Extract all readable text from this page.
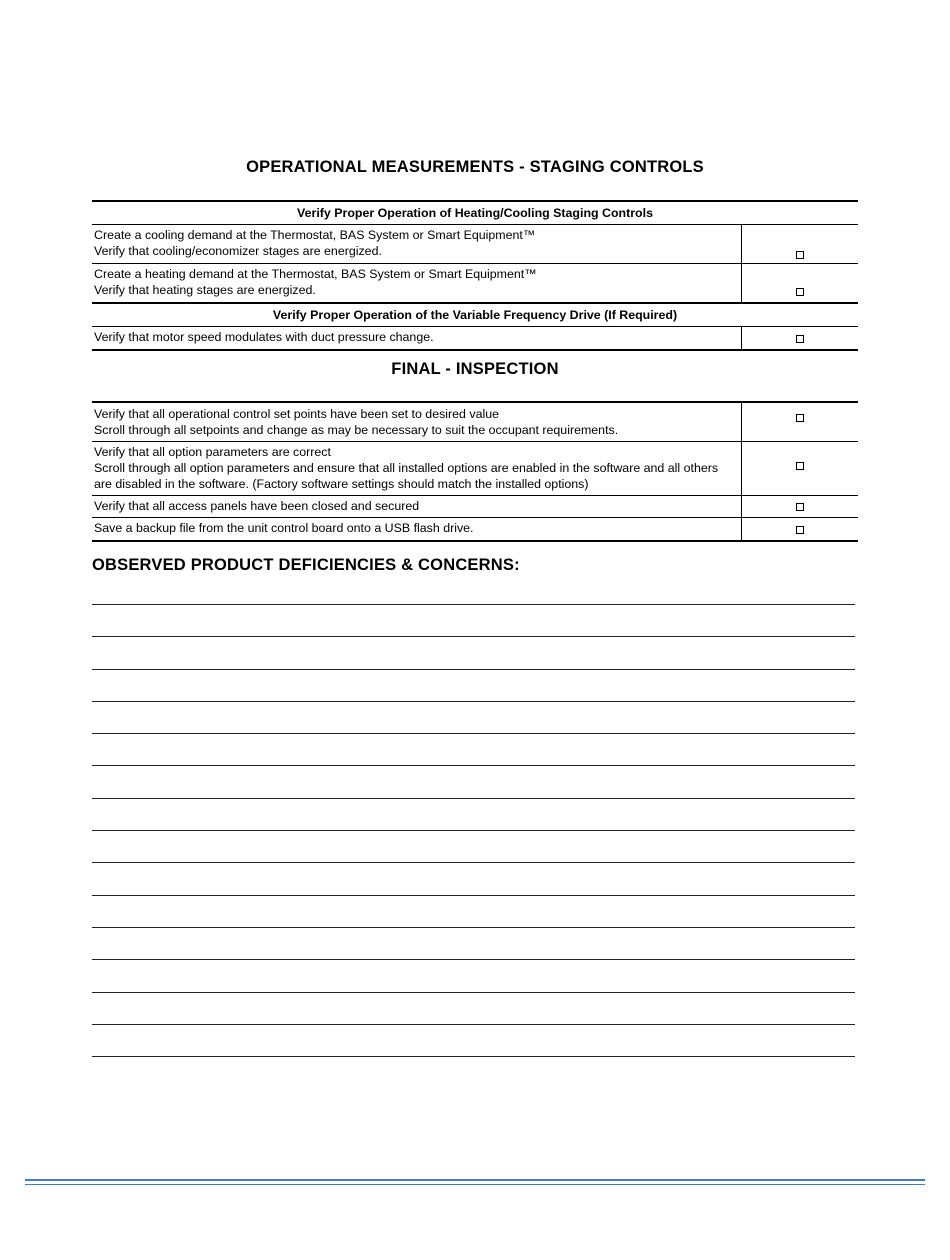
OPERATIONAL MEASUREMENTS - STAGING CONTROLS
Verify Proper Operation of Heating/Cooling Staging Controls	

Create a cooling demand at the Thermostat, BAS System or Smart Equipment™
Verify that cooling/economizer stages are energized.	

Create a heating demand at the Thermostat, BAS System or Smart Equipment™
Verify that heating stages are energized.	

Verify Proper Operation of the Variable Frequency Drive (If Required)	

Verify that motor speed modulates with duct pressure change.	

FINAL - INSPECTION
Verify that all operational control set points have been set to desired value
Scroll through all setpoints and change as may be necessary to suit the occupant requirements.	

Verify that all option parameters are correct
Scroll through all option parameters and ensure that all installed options are enabled in the software and all others are disabled in the software. (Factory software settings should match the installed options)	

Verify that all access panels have been closed and secured	

Save a backup file from the unit control board onto a USB flash drive.	

OBSERVED PRODUCT DEFICIENCIES & CONCERNS:
